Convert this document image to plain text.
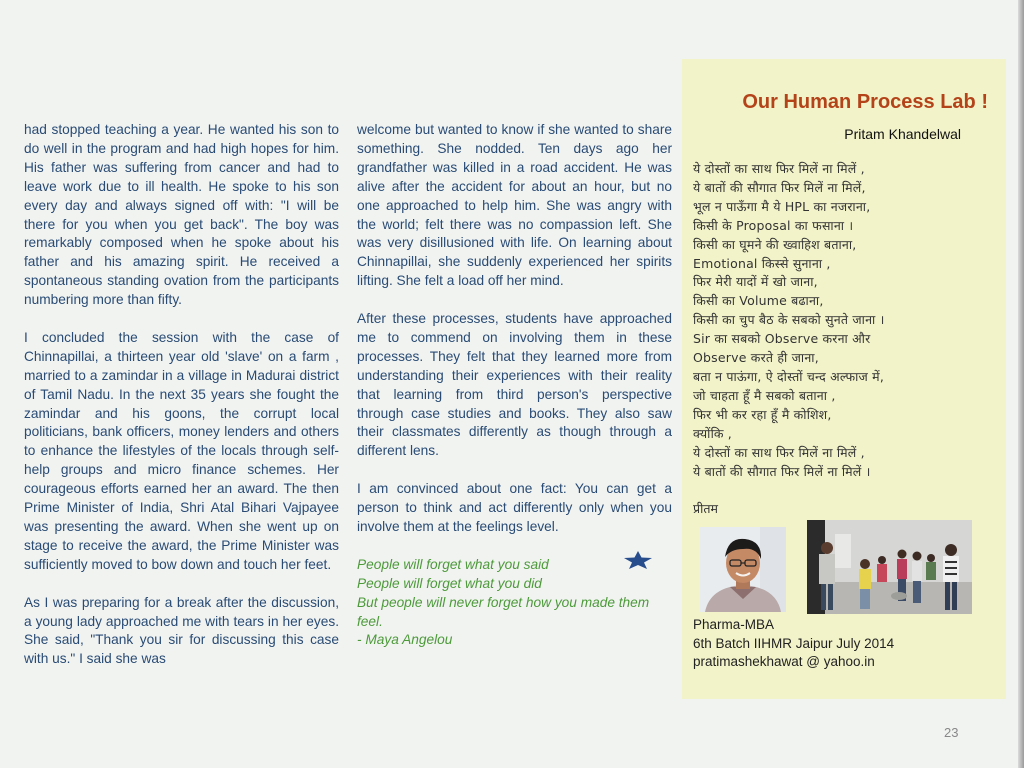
had stopped teaching a year. He wanted his son to do well in the program and had high hopes for him. His father was suffering from cancer and had to leave work due to ill health. He spoke to his son every day and always signed off with: "I will be there for you when you get back". The boy was remarkably composed when he spoke about his father and his amazing spirit. He received a spontaneous standing ovation from the participants numbering more than fifty.

I concluded the session with the case of Chinnapillai, a thirteen year old 'slave' on a farm , married to a zamindar in a village in Madurai district of Tamil Nadu. In the next 35 years she fought the zamindar and his goons, the corrupt local politicians, bank officers, money lenders and others to enhance the lifestyles of the locals through self-help groups and micro finance schemes. Her courageous efforts earned her an award. The then Prime Minister of India, Shri Atal Bihari Vajpayee was presenting the award. When she went up on stage to receive the award, the Prime Minister was sufficiently moved to bow down and touch her feet.

As I was preparing for a break after the discussion, a young lady approached me with tears in her eyes. She said, "Thank you sir for discussing this case with us." I said she was

welcome but wanted to know if she wanted to share something. She nodded. Ten days ago her grandfather was killed in a road accident. He was alive after the accident for about an hour, but no one approached to help him. She was angry with the world; felt there was no compassion left. She was very disillusioned with life. On learning about Chinnapillai, she suddenly experienced her spirits lifting. She felt a load off her mind.

After these processes, students have approached me to commend on involving them in these processes. They felt that they learned more from understanding their experiences with their reality that learning from third person's perspective through case studies and books. They also saw their classmates differently as though through a different lens.

I am convinced about one fact: You can get a person to think and act differently only when you involve them at the feelings level.

People will forget what you said
People will forget what you did
But people will never forget how you made them feel.
- Maya Angelou
Our Human Process Lab !
Pritam Khandelwal
ये दोस्तों का साथ फिर मिलें ना मिलें ,
ये बातों की सौगात फिर मिलें ना मिलें,
भूल न पाऊँगा मै ये HPL का नजराना,
किसी के Proposal का फसाना ।
किसी का घूमने की ख्वाहिश बताना,
Emotional किस्से सुनाना ,
फिर मेरी यादों में खो जाना,
किसी का Volume बढाना,
किसी का चुप बैठ के सबको सुनते जाना ।
Sir का सबको Observe करना और
Observe करते ही जाना,
बता न पाऊंगा, ऐ दोस्तों चन्द अल्फाज में,
जो चाहता हूँ मै सबको बताना ,
फिर भी कर रहा हूँ मै कोशिश,
क्योंकि ,
ये दोस्तों का साथ फिर मिलें ना मिलें ,
ये बातों की सौगात फिर मिलें ना मिलें ।
प्रीतम
Pharma-MBA
6th Batch IIHMR Jaipur July 2014
pratimashekhawat @ yahoo.in
23
